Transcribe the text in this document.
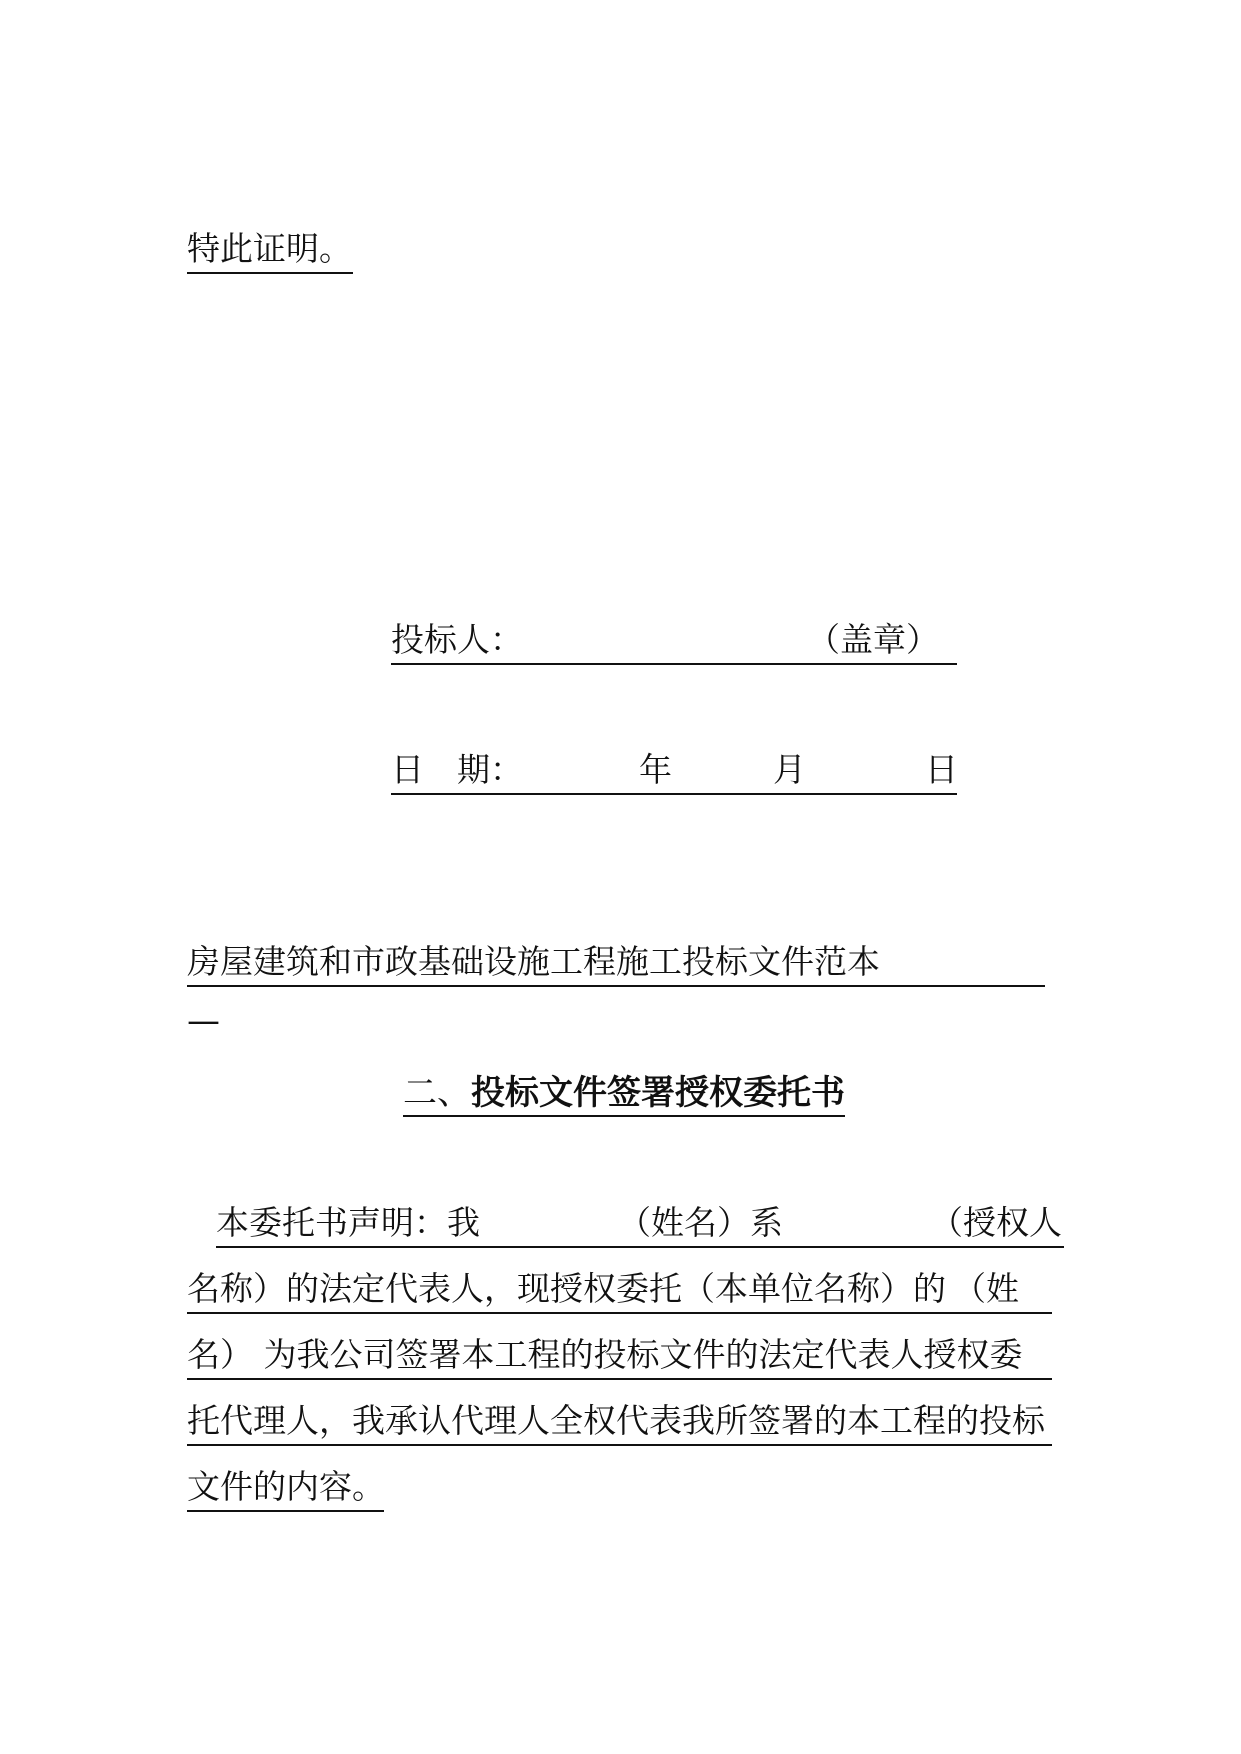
特此证明。
投标人：	（盖章）
日　期：	年	月	日
房屋建筑和市政基础设施工程施工投标文件范本
—
二、投标文件签署授权委托书
本委托书声明：我	（姓名）系	（授权人
名称）的法定代表人，现授权委托（本单位名称）的 （姓
名） 为我公司签署本工程的投标文件的法定代表人授权委
托代理人，我承认代理人全权代表我所签署的本工程的投标
文件的内容。
